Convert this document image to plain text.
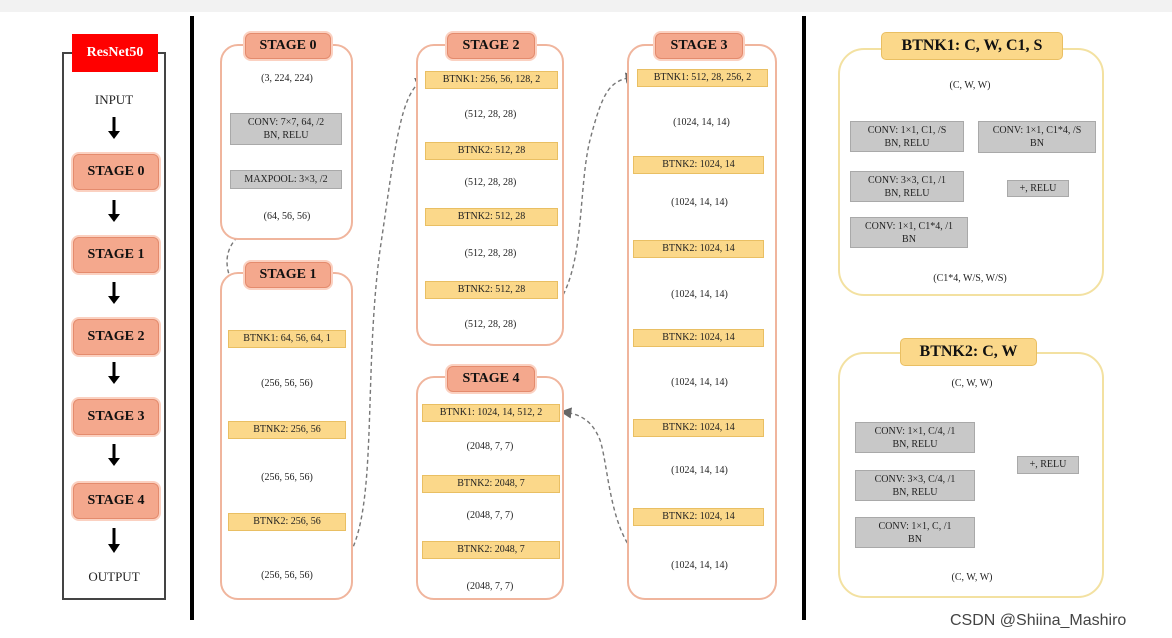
ResNet50
INPUT
STAGE 0
STAGE 1
STAGE 2
STAGE 3
STAGE 4
OUTPUT
STAGE 0
(3, 224, 224)
CONV: 7×7, 64, /2
BN, RELU
MAXPOOL: 3×3, /2
(64, 56, 56)
STAGE 1
BTNK1: 64, 56, 64, 1
(256, 56, 56)
BTNK2: 256, 56
(256, 56, 56)
BTNK2: 256, 56
(256, 56, 56)
STAGE 2
BTNK1: 256, 56, 128, 2
(512, 28, 28)
BTNK2: 512, 28
(512, 28, 28)
BTNK2: 512, 28
(512, 28, 28)
BTNK2: 512, 28
(512, 28, 28)
STAGE 4
BTNK1: 1024, 14, 512, 2
(2048, 7, 7)
BTNK2: 2048, 7
(2048, 7, 7)
BTNK2: 2048, 7
(2048, 7, 7)
STAGE 3
BTNK1: 512, 28, 256, 2
(1024, 14, 14)
BTNK2: 1024, 14
(1024, 14, 14)
BTNK2: 1024, 14
(1024, 14, 14)
BTNK2: 1024, 14
(1024, 14, 14)
BTNK2: 1024, 14
(1024, 14, 14)
BTNK2: 1024, 14
(1024, 14, 14)
BTNK1: C, W, C1, S
(C, W, W)
CONV: 1×1, C1, /S
BN, RELU
CONV: 3×3, C1, /1
BN, RELU
CONV: 1×1, C1*4, /1
BN
CONV: 1×1, C1*4, /S
BN
+, RELU
(C1*4, W/S, W/S)
BTNK2: C, W
(C, W, W)
CONV: 1×1, C/4, /1
BN, RELU
CONV: 3×3, C/4, /1
BN, RELU
CONV: 1×1, C, /1
BN
+, RELU
(C, W, W)
CSDN @Shiina_Mashiro
